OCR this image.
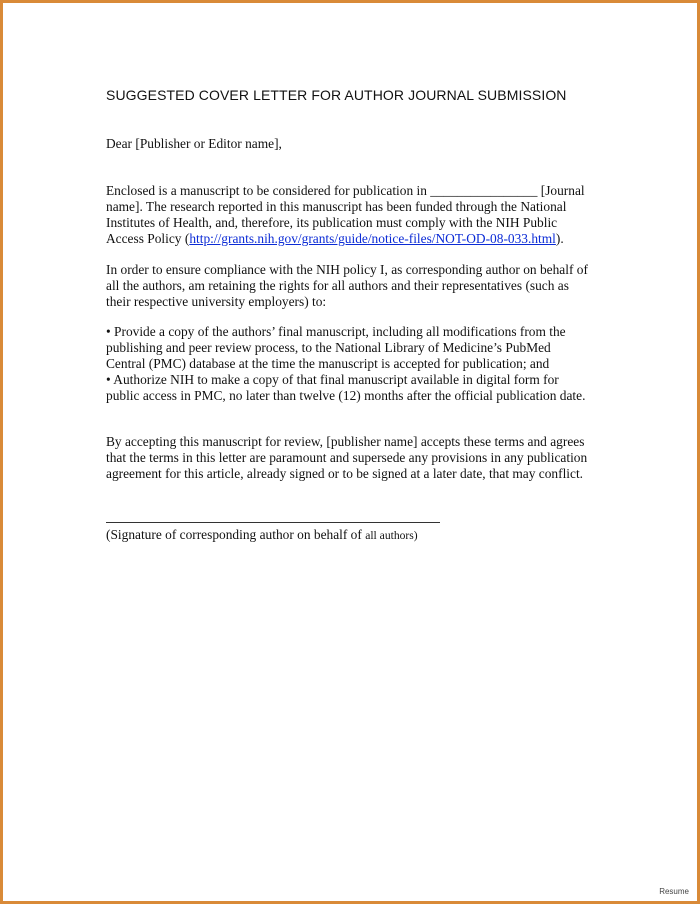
SUGGESTED COVER LETTER FOR AUTHOR JOURNAL SUBMISSION
Dear [Publisher or Editor name],
Enclosed is a manuscript to be considered for publication in ________________ [Journal
name]. The research reported in this manuscript has been funded through the National
Institutes of Health, and, therefore, its publication must comply with the NIH Public
Access Policy (http://grants.nih.gov/grants/guide/notice-files/NOT-OD-08-033.html).
In order to ensure compliance with the NIH policy I, as corresponding author on behalf of
all the authors, am retaining the rights for all authors and their representatives (such as
their respective university employers) to:
• Provide a copy of the authors’ final manuscript, including all modifications from the
publishing and peer review process, to the National Library of Medicine’s PubMed
Central (PMC) database at the time the manuscript is accepted for publication; and
• Authorize NIH to make a copy of that final manuscript available in digital form for
public access in PMC, no later than twelve (12) months after the official publication date.
By accepting this manuscript for review, [publisher name] accepts these terms and agrees
that the terms in this letter are paramount and supersede any provisions in any publication
agreement for this article, already signed or to be signed at a later date, that may conflict.
(Signature of corresponding author on behalf of all authors)
Resume
